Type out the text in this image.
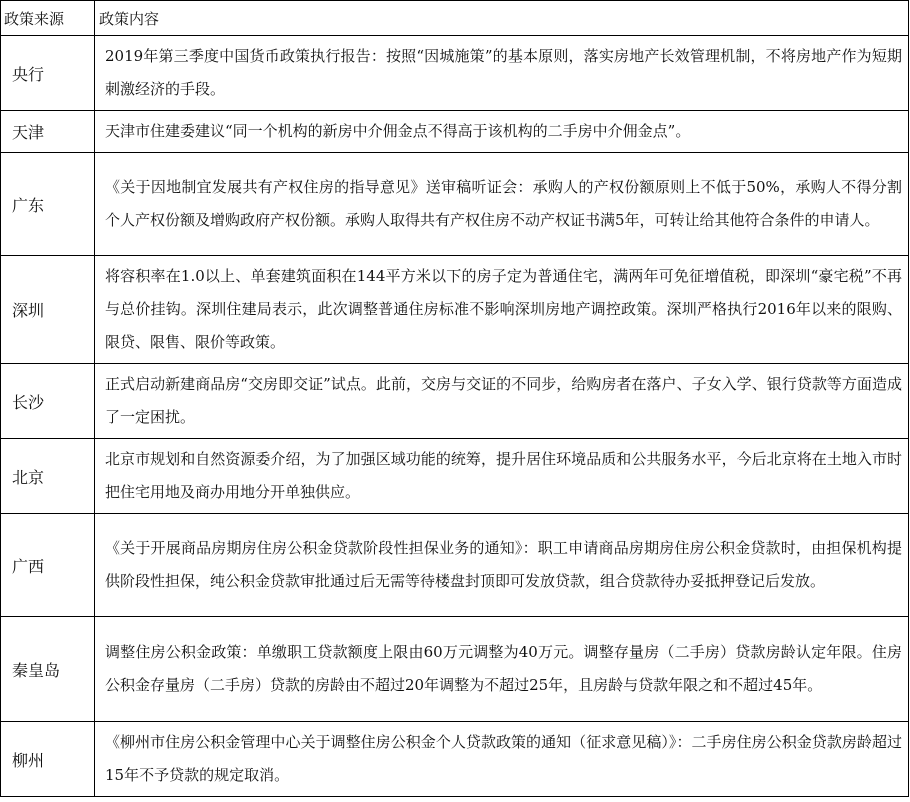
政策来源	政策内容
央行	2019年第三季度中国货币政策执行报告：按照“因城施策”的基本原则，落实房地产长效管理机制，不将房地产作为短期刺激经济的手段。
天津	天津市住建委建议“同一个机构的新房中介佣金点不得高于该机构的二手房中介佣金点”。
广东	《关于因地制宜发展共有产权住房的指导意见》送审稿听证会：承购人的产权份额原则上不低于50%，承购人不得分割个人产权份额及增购政府产权份额。承购人取得共有产权住房不动产权证书满5年，可转让给其他符合条件的申请人。
深圳	将容积率在1.0以上、单套建筑面积在144平方米以下的房子定为普通住宅，满两年可免征增值税，即深圳“豪宅税”不再与总价挂钩。深圳住建局表示，此次调整普通住房标准不影响深圳房地产调控政策。深圳严格执行2016年以来的限购、限贷、限售、限价等政策。
长沙	正式启动新建商品房“交房即交证”试点。此前，交房与交证的不同步，给购房者在落户、子女入学、银行贷款等方面造成了一定困扰。
北京	北京市规划和自然资源委介绍，为了加强区域功能的统筹，提升居住环境品质和公共服务水平，今后北京将在土地入市时把住宅用地及商办用地分开单独供应。
广西	《关于开展商品房期房住房公积金贷款阶段性担保业务的通知》：职工申请商品房期房住房公积金贷款时，由担保机构提供阶段性担保，纯公积金贷款审批通过后无需等待楼盘封顶即可发放贷款，组合贷款待办妥抵押登记后发放。
秦皇岛	调整住房公积金政策：单缴职工贷款额度上限由60万元调整为40万元。调整存量房（二手房）贷款房龄认定年限。住房公积金存量房（二手房）贷款的房龄由不超过20年调整为不超过25年，且房龄与贷款年限之和不超过45年。
柳州	《柳州市住房公积金管理中心关于调整住房公积金个人贷款政策的通知（征求意见稿）》：二手房住房公积金贷款房龄超过15年不予贷款的规定取消。
